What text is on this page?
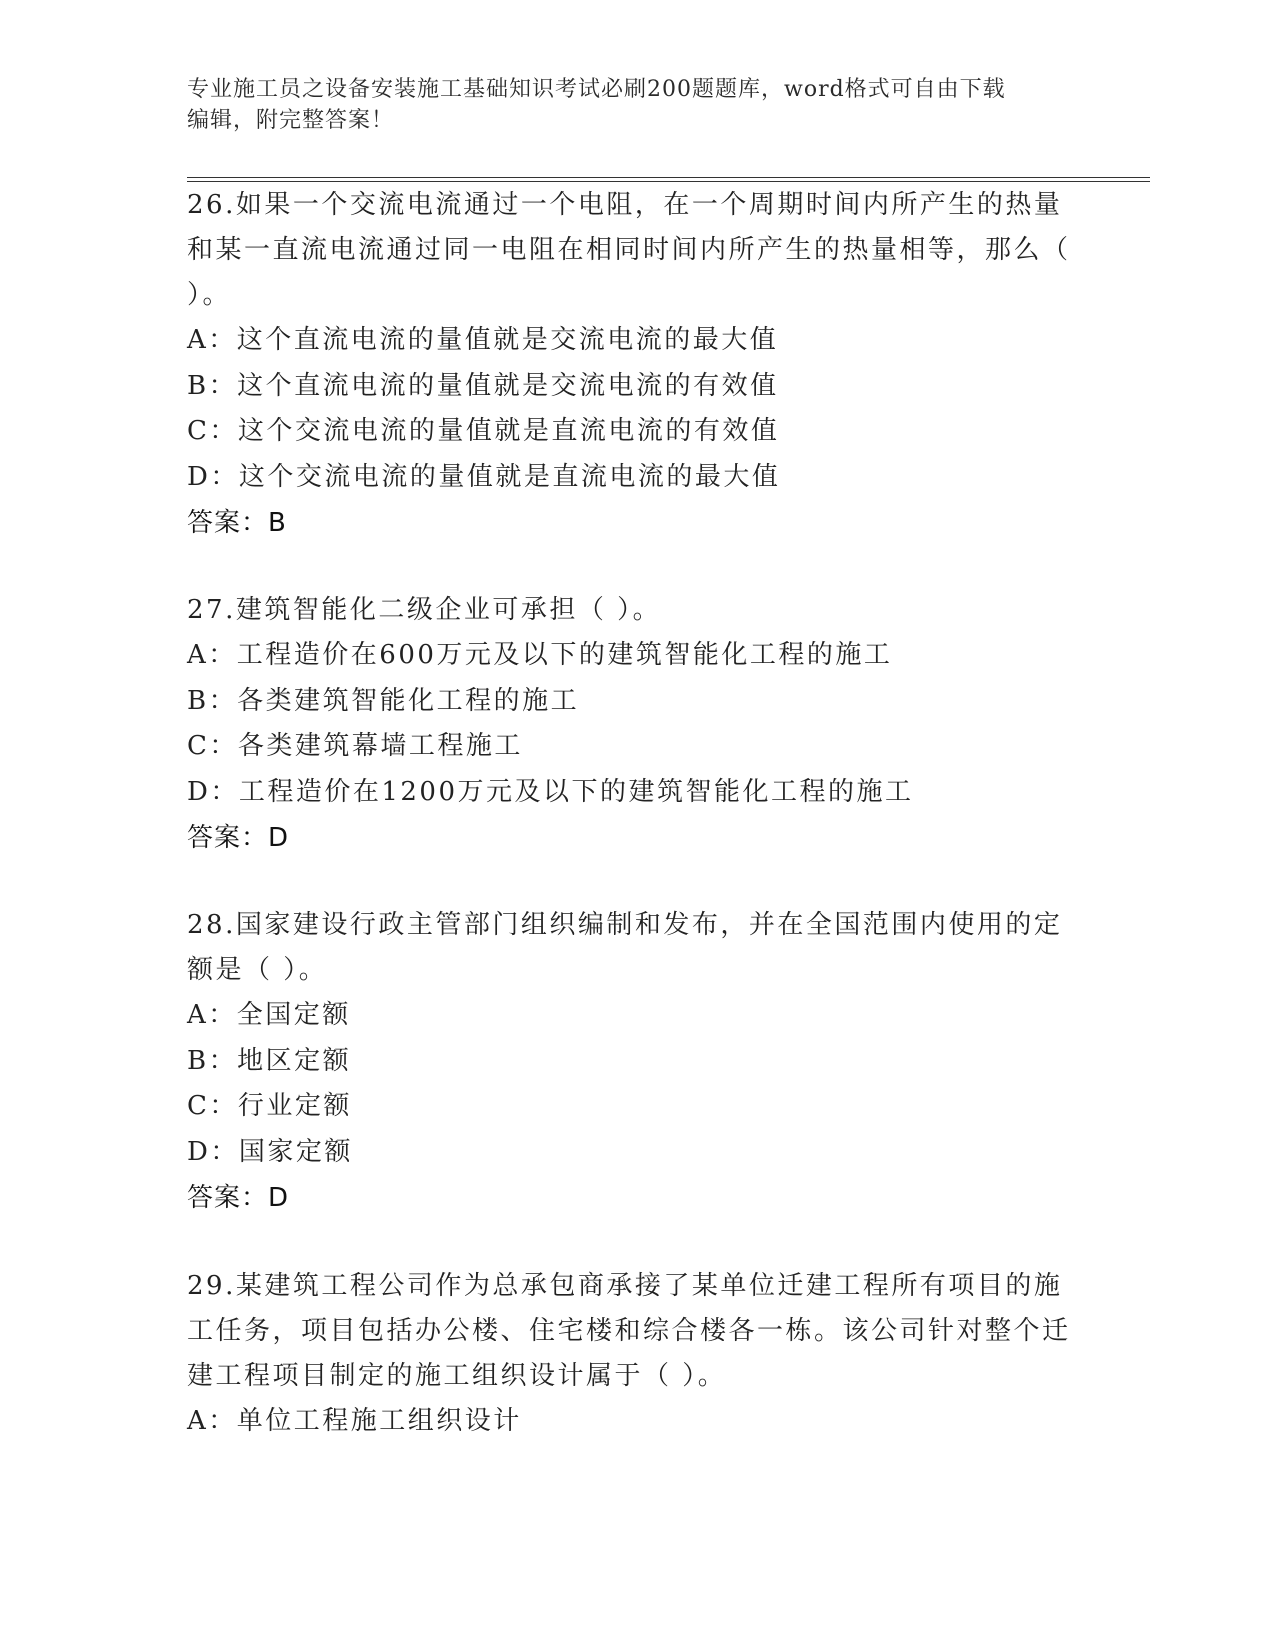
专业施工员之设备安装施工基础知识考试必刷200题题库，word格式可自由下载
编辑，附完整答案！
26.如果一个交流电流通过一个电阻，在一个周期时间内所产生的热量和某一直流电流通过同一电阻在相同时间内所产生的热量相等，那么（ ）。
A：这个直流电流的量值就是交流电流的最大值
B：这个直流电流的量值就是交流电流的有效值
C：这个交流电流的量值就是直流电流的有效值
D：这个交流电流的量值就是直流电流的最大值
答案：B
27.建筑智能化二级企业可承担（ ）。
A：工程造价在600万元及以下的建筑智能化工程的施工
B：各类建筑智能化工程的施工
C：各类建筑幕墙工程施工
D：工程造价在1200万元及以下的建筑智能化工程的施工
答案：D
28.国家建设行政主管部门组织编制和发布，并在全国范围内使用的定额是（ ）。
A：全国定额
B：地区定额
C：行业定额
D：国家定额
答案：D
29.某建筑工程公司作为总承包商承接了某单位迁建工程所有项目的施工任务，项目包括办公楼、住宅楼和综合楼各一栋。该公司针对整个迁建工程项目制定的施工组织设计属于（ ）。
A：单位工程施工组织设计
